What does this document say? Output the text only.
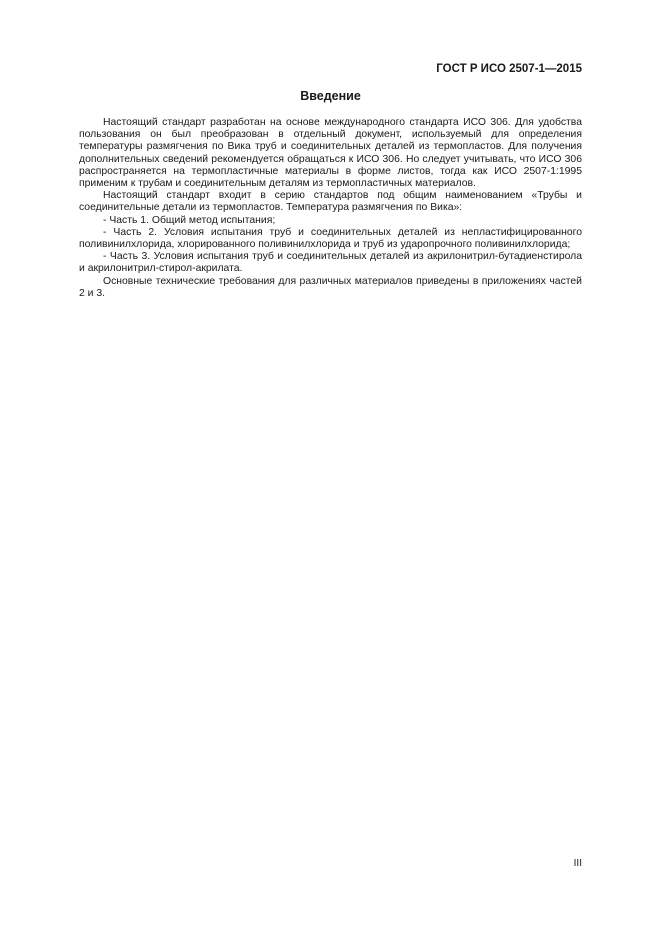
ГОСТ Р ИСО 2507-1—2015
Введение

Настоящий стандарт разработан на основе международного стандарта ИСО 306. Для удобства пользования он был преобразован в отдельный документ, используемый для определения температуры размягчения по Вика труб и соединительных деталей из термопластов. Для получения дополнительных сведений рекомендуется обращаться к ИСО 306. Но следует учитывать, что ИСО 306 распространяется на термопластичные материалы в форме листов, тогда как ИСО 2507-1:1995 применим к трубам и соединительным деталям из термопластичных материалов.

Настоящий стандарт входит в серию стандартов под общим наименованием «Трубы и соединительные детали из термопластов. Температура размягчения по Вика»:

- Часть 1. Общий метод испытания;

- Часть 2. Условия испытания труб и соединительных деталей из непластифицированного поливинилхлорида, хлорированного поливинилхлорида и труб из ударопрочного поливинилхлорида;

- Часть 3. Условия испытания труб и соединительных деталей из акрилонитрил-бутадиенстирола и акрилонитрил-стирол-акрилата.

Основные технические требования для различных материалов приведены в приложениях частей 2 и 3.

III
